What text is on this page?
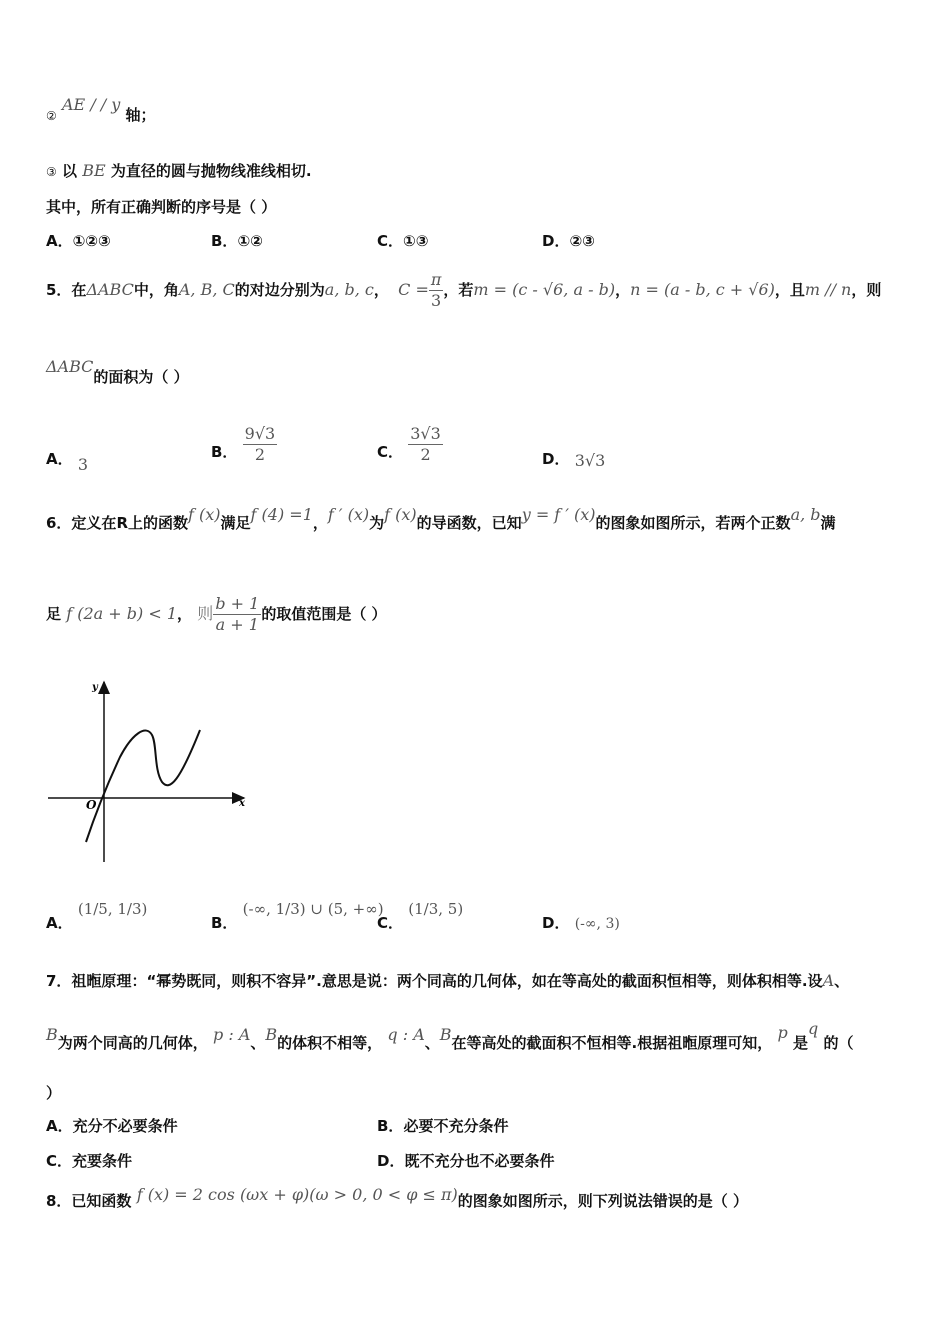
② AE / / y 轴；
③ 以 BE 为直径的圆与抛物线准线相切.
其中，所有正确判断的序号是（ ）
A．①②③	B．①②	C．①③	D．②③
5．在ΔABC中，角A, B, C的对边分别为a, b, c， $C = \frac{\pi}{3}$ ，若m = (c - √6, a - b)，n = (a - b, c + √6)，且m // n，则
ΔABC的面积为（ ）
A． 3
B． $\frac{9√3}{2}$	C． $\frac{3√3}{2}$	D． 3√3
6．定义在R上的函数f (x)满足f (4) =1，f ′ (x)为f (x)的导函数，已知y = f ′ (x)的图象如图所示，若两个正数a, b满
足 f (2a + b) < 1， 则 $\frac{b + 1}{a + 1}$ 的取值范围是（ ）
y
x
O
A． (1/5, 1/3)
B． (-∞, 1/3) ∪ (5, +∞)
C． (1/3, 5)
D． (-∞, 3)
7．祖暅原理：“幂势既同，则积不容异”.意思是说：两个同高的几何体，如在等高处的截面积恒相等，则体积相等.设A、
B为两个同高的几何体， p : A、B的体积不相等， q : A、B在等高处的截面积不恒相等.根据祖暅原理可知， p 是q 的（
）
A．充分不必要条件	B．必要不充分条件
C．充要条件	D．既不充分也不必要条件
8．已知函数 f (x) = 2 cos (ωx + φ)(ω > 0, 0 < φ ≤ π)的图象如图所示，则下列说法错误的是（ ）
